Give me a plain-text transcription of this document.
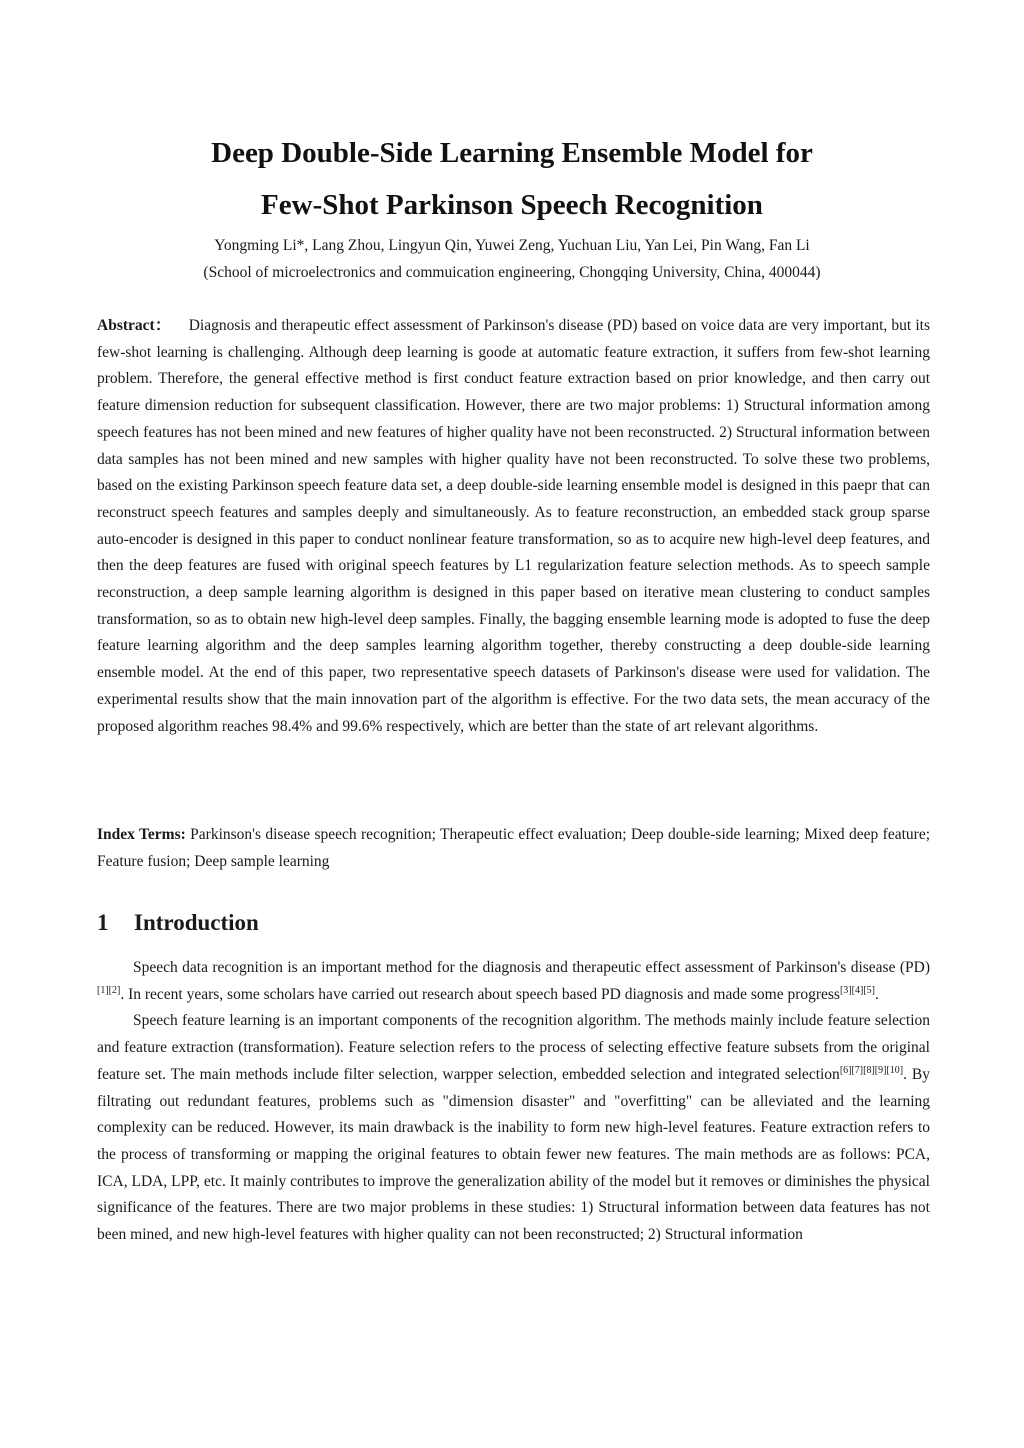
Deep Double-Side Learning Ensemble Model for
Few-Shot Parkinson Speech Recognition
Yongming Li*, Lang Zhou, Lingyun Qin, Yuwei Zeng, Yuchuan Liu, Yan Lei, Pin Wang, Fan Li
(School of microelectronics and commuication engineering, Chongqing University, China, 400044)
Abstract： Diagnosis and therapeutic effect assessment of Parkinson's disease (PD) based on voice data are very important, but its few-shot learning is challenging. Although deep learning is goode at automatic feature extraction, it suffers from few-shot learning problem. Therefore, the general effective method is first conduct feature extraction based on prior knowledge, and then carry out feature dimension reduction for subsequent classification. However, there are two major problems: 1) Structural information among speech features has not been mined and new features of higher quality have not been reconstructed. 2) Structural information between data samples has not been mined and new samples with higher quality have not been reconstructed. To solve these two problems, based on the existing Parkinson speech feature data set, a deep double-side learning ensemble model is designed in this paepr that can reconstruct speech features and samples deeply and simultaneously. As to feature reconstruction, an embedded stack group sparse auto-encoder is designed in this paper to conduct nonlinear feature transformation, so as to acquire new high-level deep features, and then the deep features are fused with original speech features by L1 regularization feature selection methods. As to speech sample reconstruction, a deep sample learning algorithm is designed in this paper based on iterative mean clustering to conduct samples transformation, so as to obtain new high-level deep samples. Finally, the bagging ensemble learning mode is adopted to fuse the deep feature learning algorithm and the deep samples learning algorithm together, thereby constructing a deep double-side learning ensemble model. At the end of this paper, two representative speech datasets of Parkinson's disease were used for validation. The experimental results show that the main innovation part of the algorithm is effective. For the two data sets, the mean accuracy of the proposed algorithm reaches 98.4% and 99.6% respectively, which are better than the state of art relevant algorithms.
Index Terms: Parkinson's disease speech recognition; Therapeutic effect evaluation; Deep double-side learning; Mixed deep feature; Feature fusion; Deep sample learning
1 Introduction

Speech data recognition is an important method for the diagnosis and therapeutic effect assessment of Parkinson's disease (PD)[1][2]. In recent years, some scholars have carried out research about speech based PD diagnosis and made some progress[3][4][5].

Speech feature learning is an important components of the recognition algorithm. The methods mainly include feature selection and feature extraction (transformation). Feature selection refers to the process of selecting effective feature subsets from the original feature set. The main methods include filter selection, warpper selection, embedded selection and integrated selection[6][7][8][9][10]. By filtrating out redundant features, problems such as "dimension disaster" and "overfitting" can be alleviated and the learning complexity can be reduced. However, its main drawback is the inability to form new high-level features. Feature extraction refers to the process of transforming or mapping the original features to obtain fewer new features. The main methods are as follows: PCA, ICA, LDA, LPP, etc. It mainly contributes to improve the generalization ability of the model but it removes or diminishes the physical significance of the features. There are two major problems in these studies: 1) Structural information between data features has not been mined, and new high-level features with higher quality can not been reconstructed; 2) Structural information
